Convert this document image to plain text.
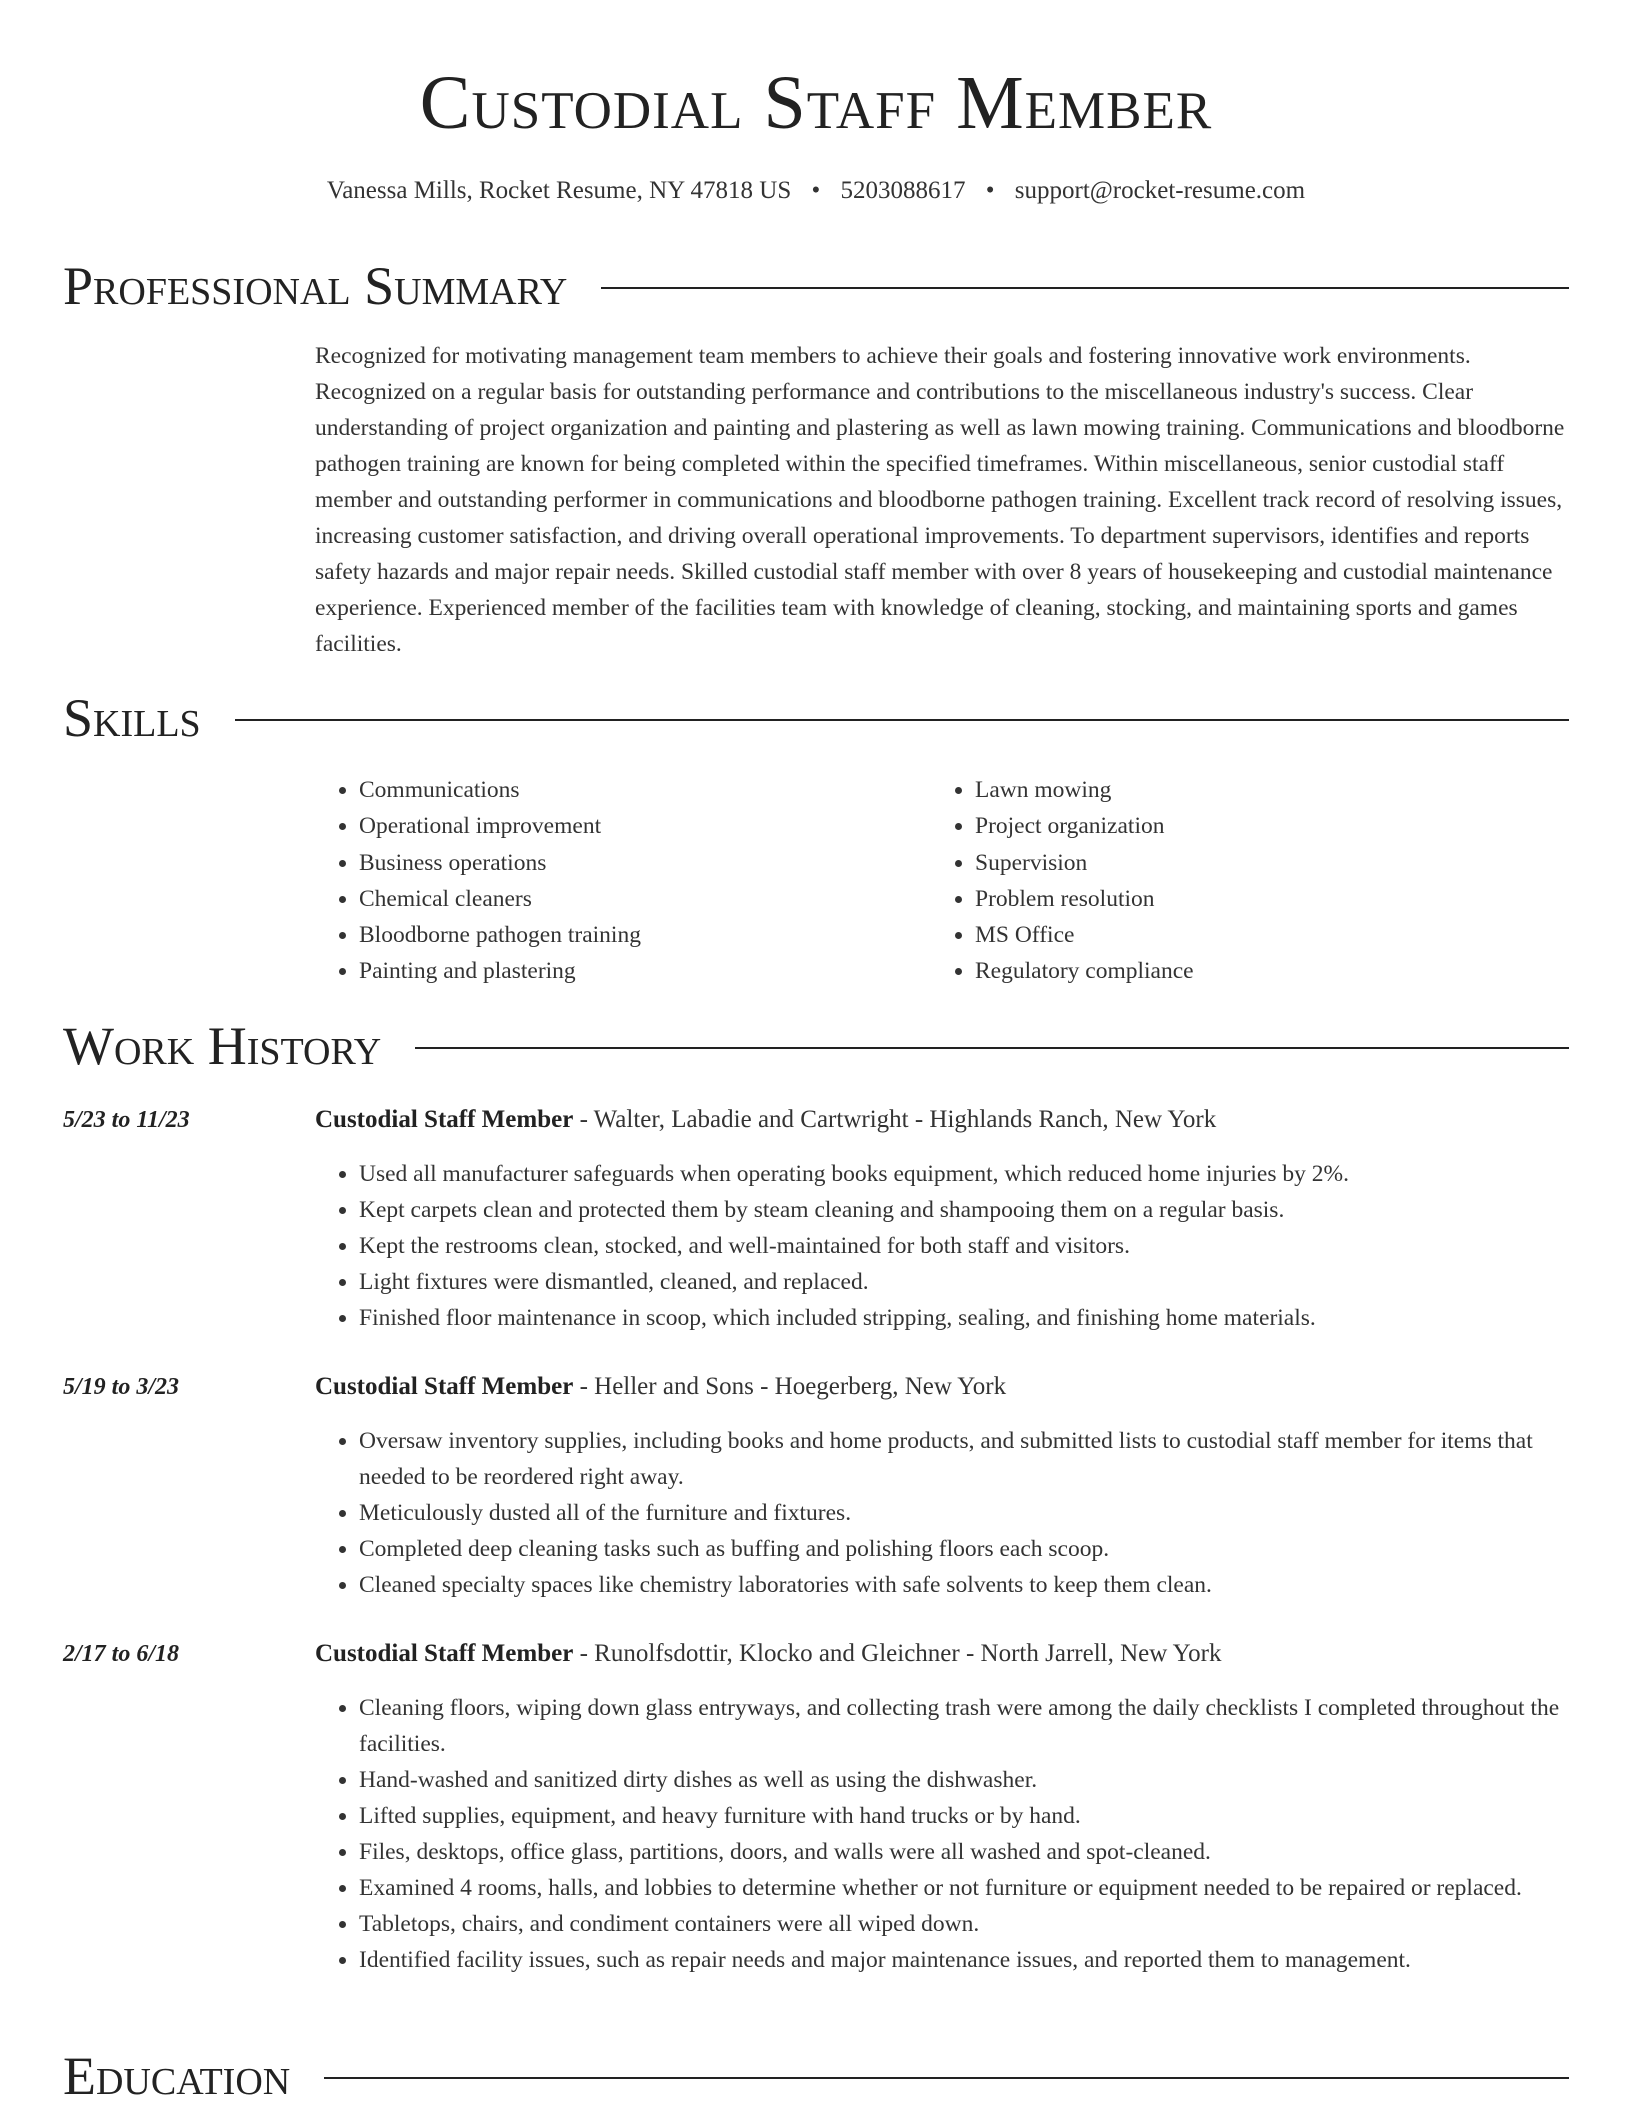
Custodial Staff Member
Vanessa Mills, Rocket Resume, NY 47818 US • 5203088617 • support@rocket-resume.com
Professional Summary
Recognized for motivating management team members to achieve their goals and fostering innovative work environments. Recognized on a regular basis for outstanding performance and contributions to the miscellaneous industry's success. Clear understanding of project organization and painting and plastering as well as lawn mowing training. Communications and bloodborne pathogen training are known for being completed within the specified timeframes. Within miscellaneous, senior custodial staff member and outstanding performer in communications and bloodborne pathogen training. Excellent track record of resolving issues, increasing customer satisfaction, and driving overall operational improvements. To department supervisors, identifies and reports safety hazards and major repair needs. Skilled custodial staff member with over 8 years of housekeeping and custodial maintenance experience. Experienced member of the facilities team with knowledge of cleaning, stocking, and maintaining sports and games facilities.
Skills
• Communications
• Operational improvement
• Business operations
• Chemical cleaners
• Bloodborne pathogen training
• Painting and plastering
• Lawn mowing
• Project organization
• Supervision
• Problem resolution
• MS Office
• Regulatory compliance
Work History
5/23 to 11/23	Custodial Staff Member - Walter, Labadie and Cartwright - Highlands Ranch, New York
• Used all manufacturer safeguards when operating books equipment, which reduced home injuries by 2%.
• Kept carpets clean and protected them by steam cleaning and shampooing them on a regular basis.
• Kept the restrooms clean, stocked, and well-maintained for both staff and visitors.
• Light fixtures were dismantled, cleaned, and replaced.
• Finished floor maintenance in scoop, which included stripping, sealing, and finishing home materials.
5/19 to 3/23	Custodial Staff Member - Heller and Sons - Hoegerberg, New York
• Oversaw inventory supplies, including books and home products, and submitted lists to custodial staff member for items that needed to be reordered right away.
• Meticulously dusted all of the furniture and fixtures.
• Completed deep cleaning tasks such as buffing and polishing floors each scoop.
• Cleaned specialty spaces like chemistry laboratories with safe solvents to keep them clean.
2/17 to 6/18	Custodial Staff Member - Runolfsdottir, Klocko and Gleichner - North Jarrell, New York
• Cleaning floors, wiping down glass entryways, and collecting trash were among the daily checklists I completed throughout the facilities.
• Hand-washed and sanitized dirty dishes as well as using the dishwasher.
• Lifted supplies, equipment, and heavy furniture with hand trucks or by hand.
• Files, desktops, office glass, partitions, doors, and walls were all washed and spot-cleaned.
• Examined 4 rooms, halls, and lobbies to determine whether or not furniture or equipment needed to be repaired or replaced.
• Tabletops, chairs, and condiment containers were all wiped down.
• Identified facility issues, such as repair needs and major maintenance issues, and reported them to management.
Education
